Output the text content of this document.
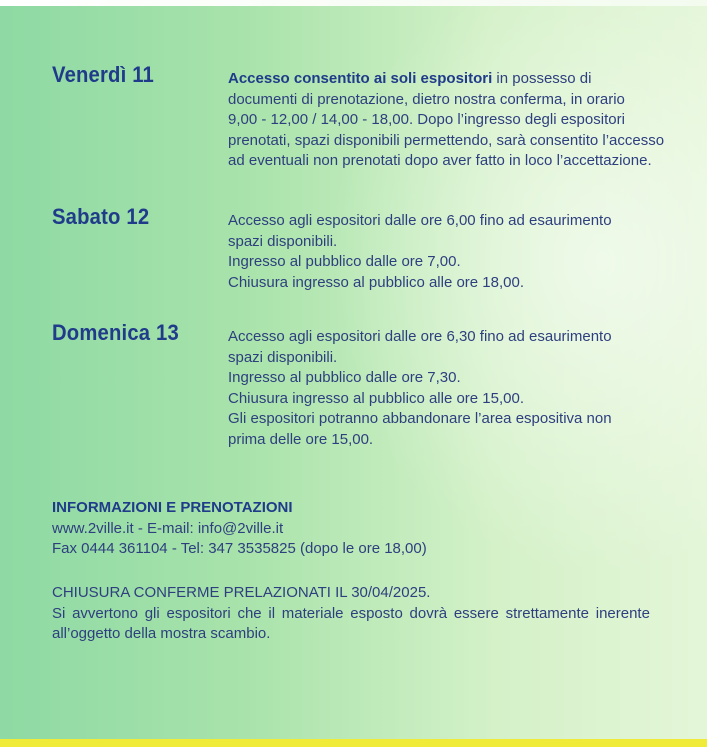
Venerdì 11	Accesso consentito ai soli espositori in possesso di
documenti di prenotazione, dietro nostra conferma, in orario
9,00 - 12,00 / 14,00 - 18,00. Dopo l’ingresso degli espositori
prenotati, spazi disponibili permettendo, sarà consentito l’accesso
ad eventuali non prenotati dopo aver fatto in loco l’accettazione.
Sabato 12	Accesso agli espositori dalle ore 6,00 fino ad esaurimento
spazi disponibili.
Ingresso al pubblico dalle ore 7,00.
Chiusura ingresso al pubblico alle ore 18,00.
Domenica 13	Accesso agli espositori dalle ore 6,30 fino ad esaurimento
spazi disponibili.
Ingresso al pubblico dalle ore 7,30.
Chiusura ingresso al pubblico alle ore 15,00.
Gli espositori potranno abbandonare l’area espositiva non
prima delle ore 15,00.
INFORMAZIONI E PRENOTAZIONI
www.2ville.it - E-mail: info@2ville.it
Fax 0444 361104 - Tel: 347 3535825 (dopo le ore 18,00)
CHIUSURA CONFERME PRELAZIONATI IL 30/04/2025.
Si avvertono gli espositori che il materiale esposto dovrà essere strettamente inerente
all’oggetto della mostra scambio.
